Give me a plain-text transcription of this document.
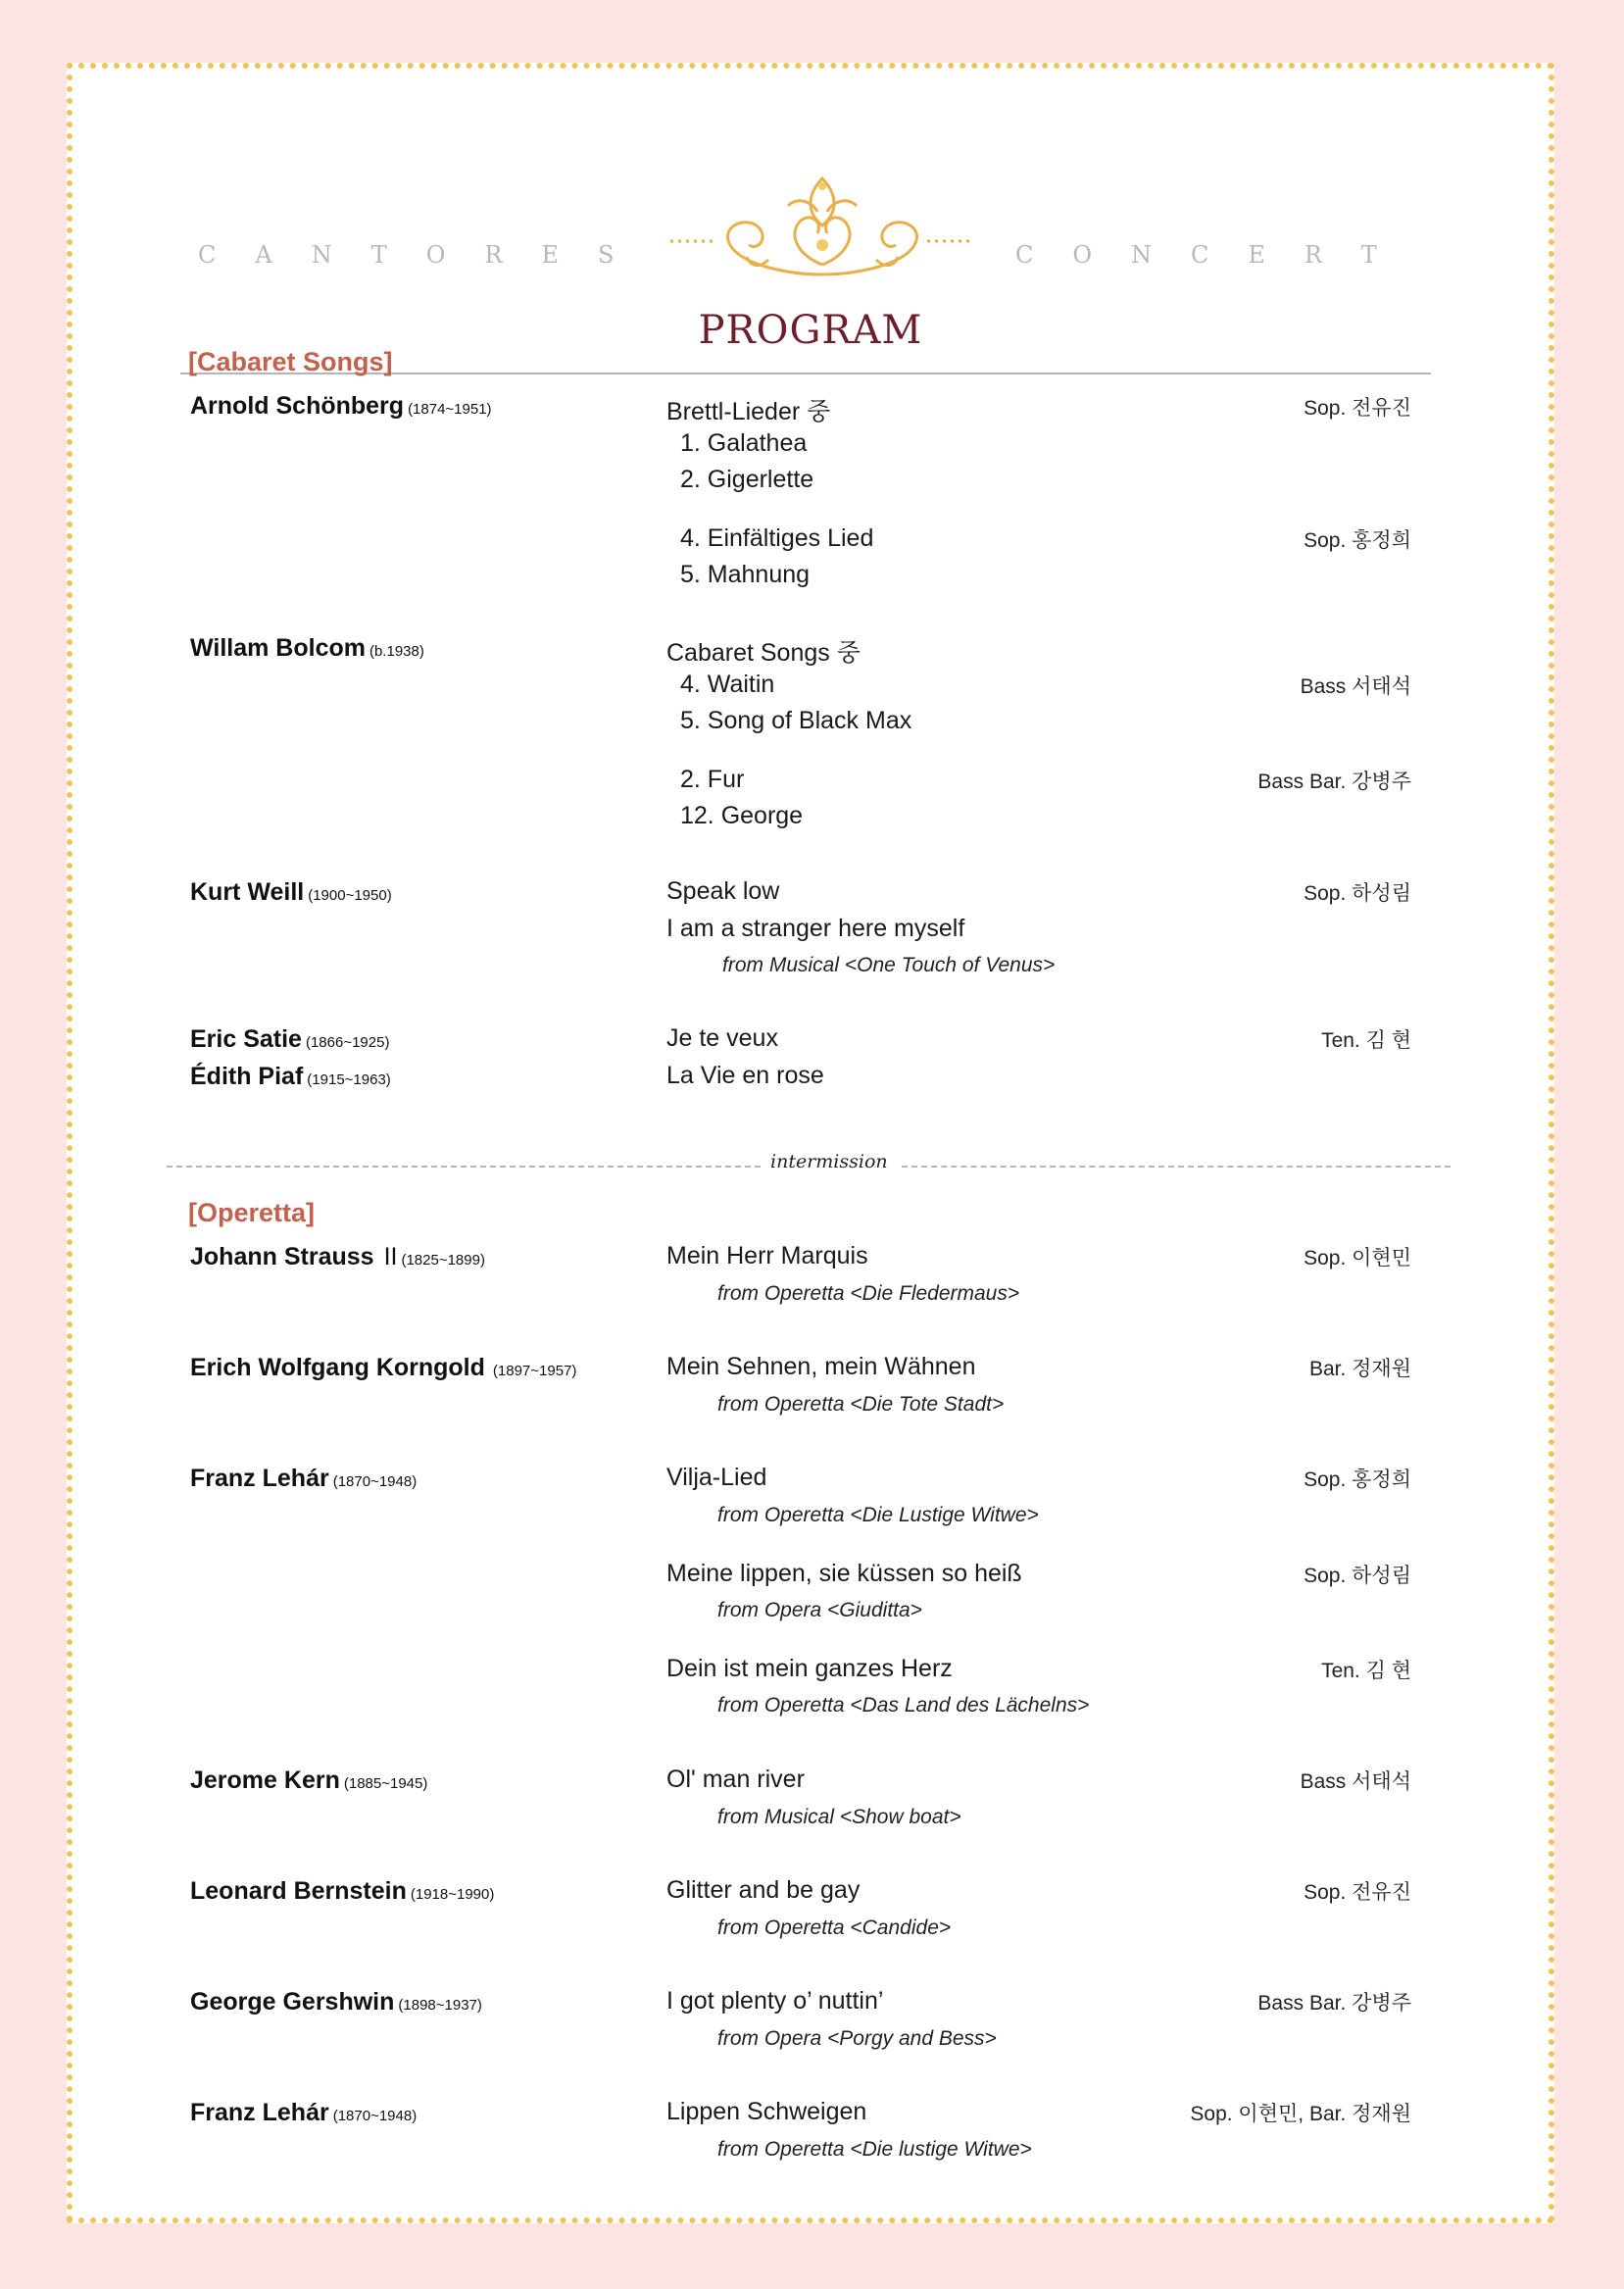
CANTORES	CONCERT
PROGRAM
[Cabaret Songs]
Arnold Schönberg (1874~1951)	Brettl-Lieder 중	Sop. 전유진
1. Galathea
2. Gigerlette
4. Einfältiges Lied	Sop. 홍정희
5. Mahnung
Willam Bolcom (b.1938)	Cabaret Songs 중
4. Waitin	Bass 서태석
5. Song of Black Max
2. Fur	Bass Bar. 강병주
12. George
Kurt Weill (1900~1950)	Speak low	Sop. 하성림
I am a stranger here myself
from Musical <One Touch of Venus>
Eric Satie (1866~1925)	Je te veux	Ten. 김 현
Édith Piaf (1915~1963)	La Vie en rose
intermission
[Operetta]
Johann Strauss II (1825~1899)	Mein Herr Marquis	Sop. 이현민
from Operetta <Die Fledermaus>
Erich Wolfgang Korngold (1897~1957)	Mein Sehnen, mein Wähnen	Bar. 정재원
from Operetta <Die Tote Stadt>
Franz Lehár (1870~1948)	Vilja-Lied	Sop. 홍정희
from Operetta <Die Lustige Witwe>
Meine lippen, sie küssen so heiß	Sop. 하성림
from Opera <Giuditta>
Dein ist mein ganzes Herz	Ten. 김 현
from Operetta <Das Land des Lächelns>
Jerome Kern (1885~1945)	Ol' man river	Bass 서태석
from Musical <Show boat>
Leonard Bernstein (1918~1990)	Glitter and be gay	Sop. 전유진
from Operetta <Candide>
George Gershwin (1898~1937)	I got plenty o’ nuttin’	Bass Bar. 강병주
from Opera <Porgy and Bess>
Franz Lehár (1870~1948)	Lippen Schweigen	Sop. 이현민, Bar. 정재원
from Operetta <Die lustige Witwe>
